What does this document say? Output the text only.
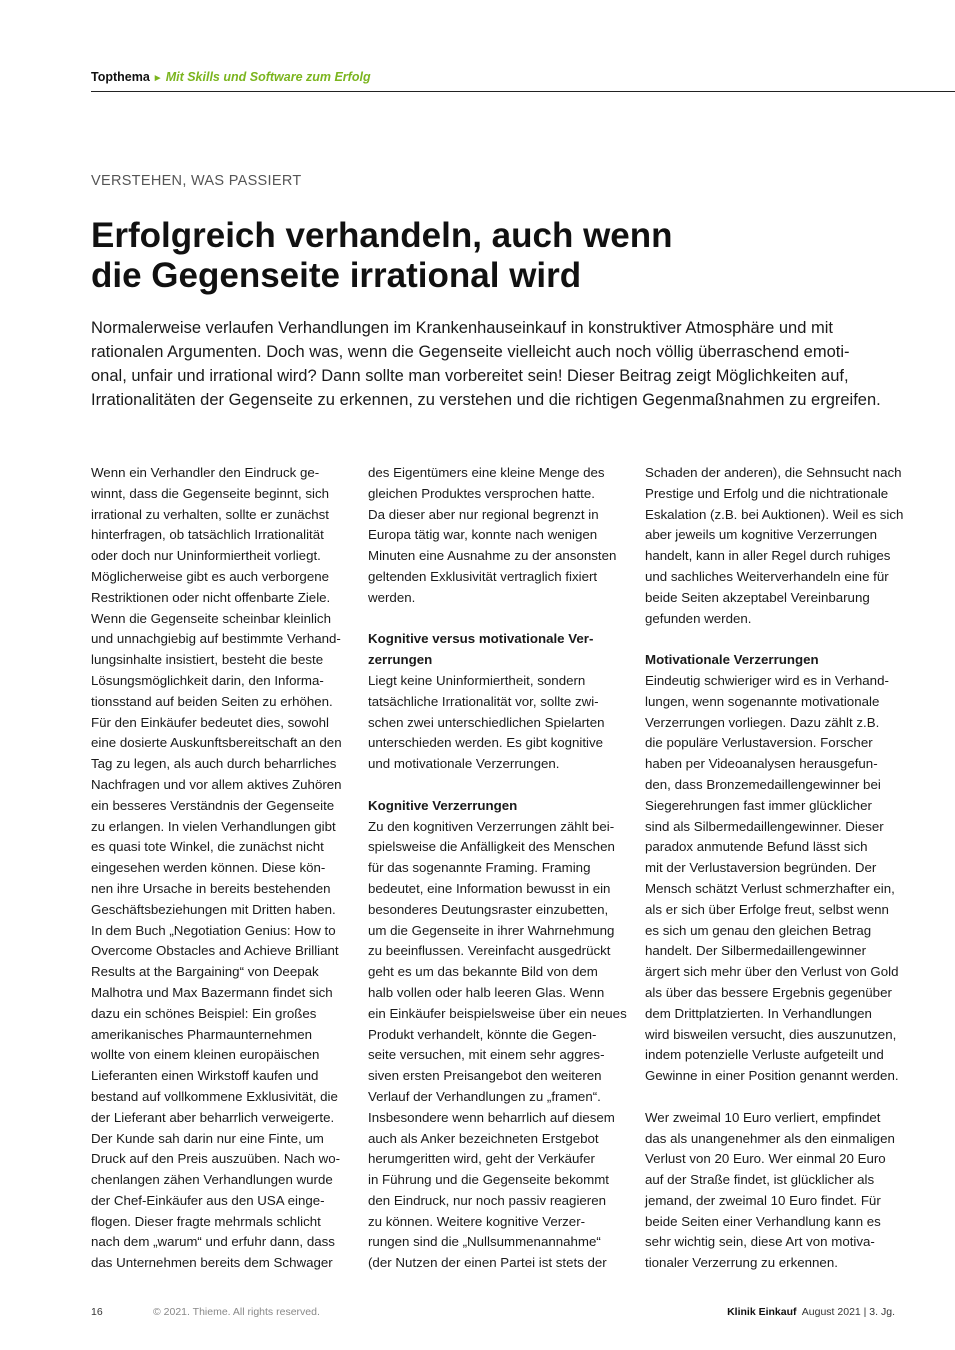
Topthema ► Mit Skills und Software zum Erfolg
VERSTEHEN, WAS PASSIERT
Erfolgreich verhandeln, auch wenn
die Gegenseite irrational wird
Normalerweise verlaufen Verhandlungen im Krankenhauseinkauf in konstruktiver Atmosphäre und mit
rationalen Argumenten. Doch was, wenn die Gegenseite vielleicht auch noch völlig überraschend emoti-
onal, unfair und irrational wird? Dann sollte man vorbereitet sein! Dieser Beitrag zeigt Möglichkeiten auf,
Irrationalitäten der Gegenseite zu erkennen, zu verstehen und die richtigen Gegenmaßnahmen zu ergreifen.
Wenn ein Verhandler den Eindruck ge-
winnt, dass die Gegenseite beginnt, sich
irrational zu verhalten, sollte er zunächst
hinterfragen, ob tatsächlich Irrationalität
oder doch nur Uninformiertheit vorliegt.
Möglicherweise gibt es auch verborgene
Restriktionen oder nicht offenbarte Ziele.
Wenn die Gegenseite scheinbar kleinlich
und unnachgiebig auf bestimmte Verhand-
lungsinhalte insistiert, besteht die beste
Lösungsmöglichkeit darin, den Informa-
tionsstand auf beiden Seiten zu erhöhen.
Für den Einkäufer bedeutet dies, sowohl
eine dosierte Auskunftsbereitschaft an den
Tag zu legen, als auch durch beharrliches
Nachfragen und vor allem aktives Zuhören
ein besseres Verständnis der Gegenseite
zu erlangen. In vielen Verhandlungen gibt
es quasi tote Winkel, die zunächst nicht
eingesehen werden können. Diese kön-
nen ihre Ursache in bereits bestehenden
Geschäftsbeziehungen mit Dritten haben.
In dem Buch „Negotiation Genius: How to
Overcome Obstacles and Achieve Brilliant
Results at the Bargaining“ von Deepak
Malhotra und Max Bazermann findet sich
dazu ein schönes Beispiel: Ein großes
amerikanisches Pharmaunternehmen
wollte von einem kleinen europäischen
Lieferanten einen Wirkstoff kaufen und
bestand auf vollkommene Exklusivität, die
der Lieferant aber beharrlich verweigerte.
Der Kunde sah darin nur eine Finte, um
Druck auf den Preis auszuüben. Nach wo-
chenlangen zähen Verhandlungen wurde
der Chef-Einkäufer aus den USA einge-
flogen. Dieser fragte mehrmals schlicht
nach dem „warum“ und erfuhr dann, dass
das Unternehmen bereits dem Schwager
des Eigentümers eine kleine Menge des
gleichen Produktes versprochen hatte.
Da dieser aber nur regional begrenzt in
Europa tätig war, konnte nach wenigen
Minuten eine Ausnahme zu der ansonsten
geltenden Exklusivität vertraglich fixiert
werden.
Kognitive versus motivationale Ver-
zerrungen
Liegt keine Uninformiertheit, sondern
tatsächliche Irrationalität vor, sollte zwi-
schen zwei unterschiedlichen Spielarten
unterschieden werden. Es gibt kognitive
und motivationale Verzerrungen.
Kognitive Verzerrungen
Zu den kognitiven Verzerrungen zählt bei-
spielsweise die Anfälligkeit des Menschen
für das sogenannte Framing. Framing
bedeutet, eine Information bewusst in ein
besonderes Deutungsraster einzubetten,
um die Gegenseite in ihrer Wahrnehmung
zu beeinflussen. Vereinfacht ausgedrückt
geht es um das bekannte Bild von dem
halb vollen oder halb leeren Glas. Wenn
ein Einkäufer beispielsweise über ein neues
Produkt verhandelt, könnte die Gegen-
seite versuchen, mit einem sehr aggres-
siven ersten Preisangebot den weiteren
Verlauf der Verhandlungen zu „framen“.
Insbesondere wenn beharrlich auf diesem
auch als Anker bezeichneten Erstgebot
herumgeritten wird, geht der Verkäufer
in Führung und die Gegenseite bekommt
den Eindruck, nur noch passiv reagieren
zu können. Weitere kognitive Verzer-
rungen sind die „Nullsummenannahme“
(der Nutzen der einen Partei ist stets der
Schaden der anderen), die Sehnsucht nach
Prestige und Erfolg und die nichtrationale
Eskalation (z.B. bei Auktionen). Weil es sich
aber jeweils um kognitive Verzerrungen
handelt, kann in aller Regel durch ruhiges
und sachliches Weiterverhandeln eine für
beide Seiten akzeptabel Vereinbarung
gefunden werden.
Motivationale Verzerrungen
Eindeutig schwieriger wird es in Verhand-
lungen, wenn sogenannte motivationale
Verzerrungen vorliegen. Dazu zählt z.B.
die populäre Verlustaversion. Forscher
haben per Videoanalysen herausgefun-
den, dass Bronzemedaillengewinner bei
Siegerehrungen fast immer glücklicher
sind als Silbermedaillengewinner. Dieser
paradox anmutende Befund lässt sich
mit der Verlustaversion begründen. Der
Mensch schätzt Verlust schmerzhafter ein,
als er sich über Erfolge freut, selbst wenn
es sich um genau den gleichen Betrag
handelt. Der Silbermedaillengewinner
ärgert sich mehr über den Verlust von Gold
als über das bessere Ergebnis gegenüber
dem Drittplatzierten. In Verhandlungen
wird bisweilen versucht, dies auszunutzen,
indem potenzielle Verluste aufgeteilt und
Gewinne in einer Position genannt werden.
Wer zweimal 10 Euro verliert, empfindet
das als unangenehmer als den einmaligen
Verlust von 20 Euro. Wer einmal 20 Euro
auf der Straße findet, ist glücklicher als
jemand, der zweimal 10 Euro findet. Für
beide Seiten einer Verhandlung kann es
sehr wichtig sein, diese Art von motiva-
tionaler Verzerrung zu erkennen.
16	© 2021. Thieme. All rights reserved.	Klinik Einkauf August 2021 | 3. Jg.
